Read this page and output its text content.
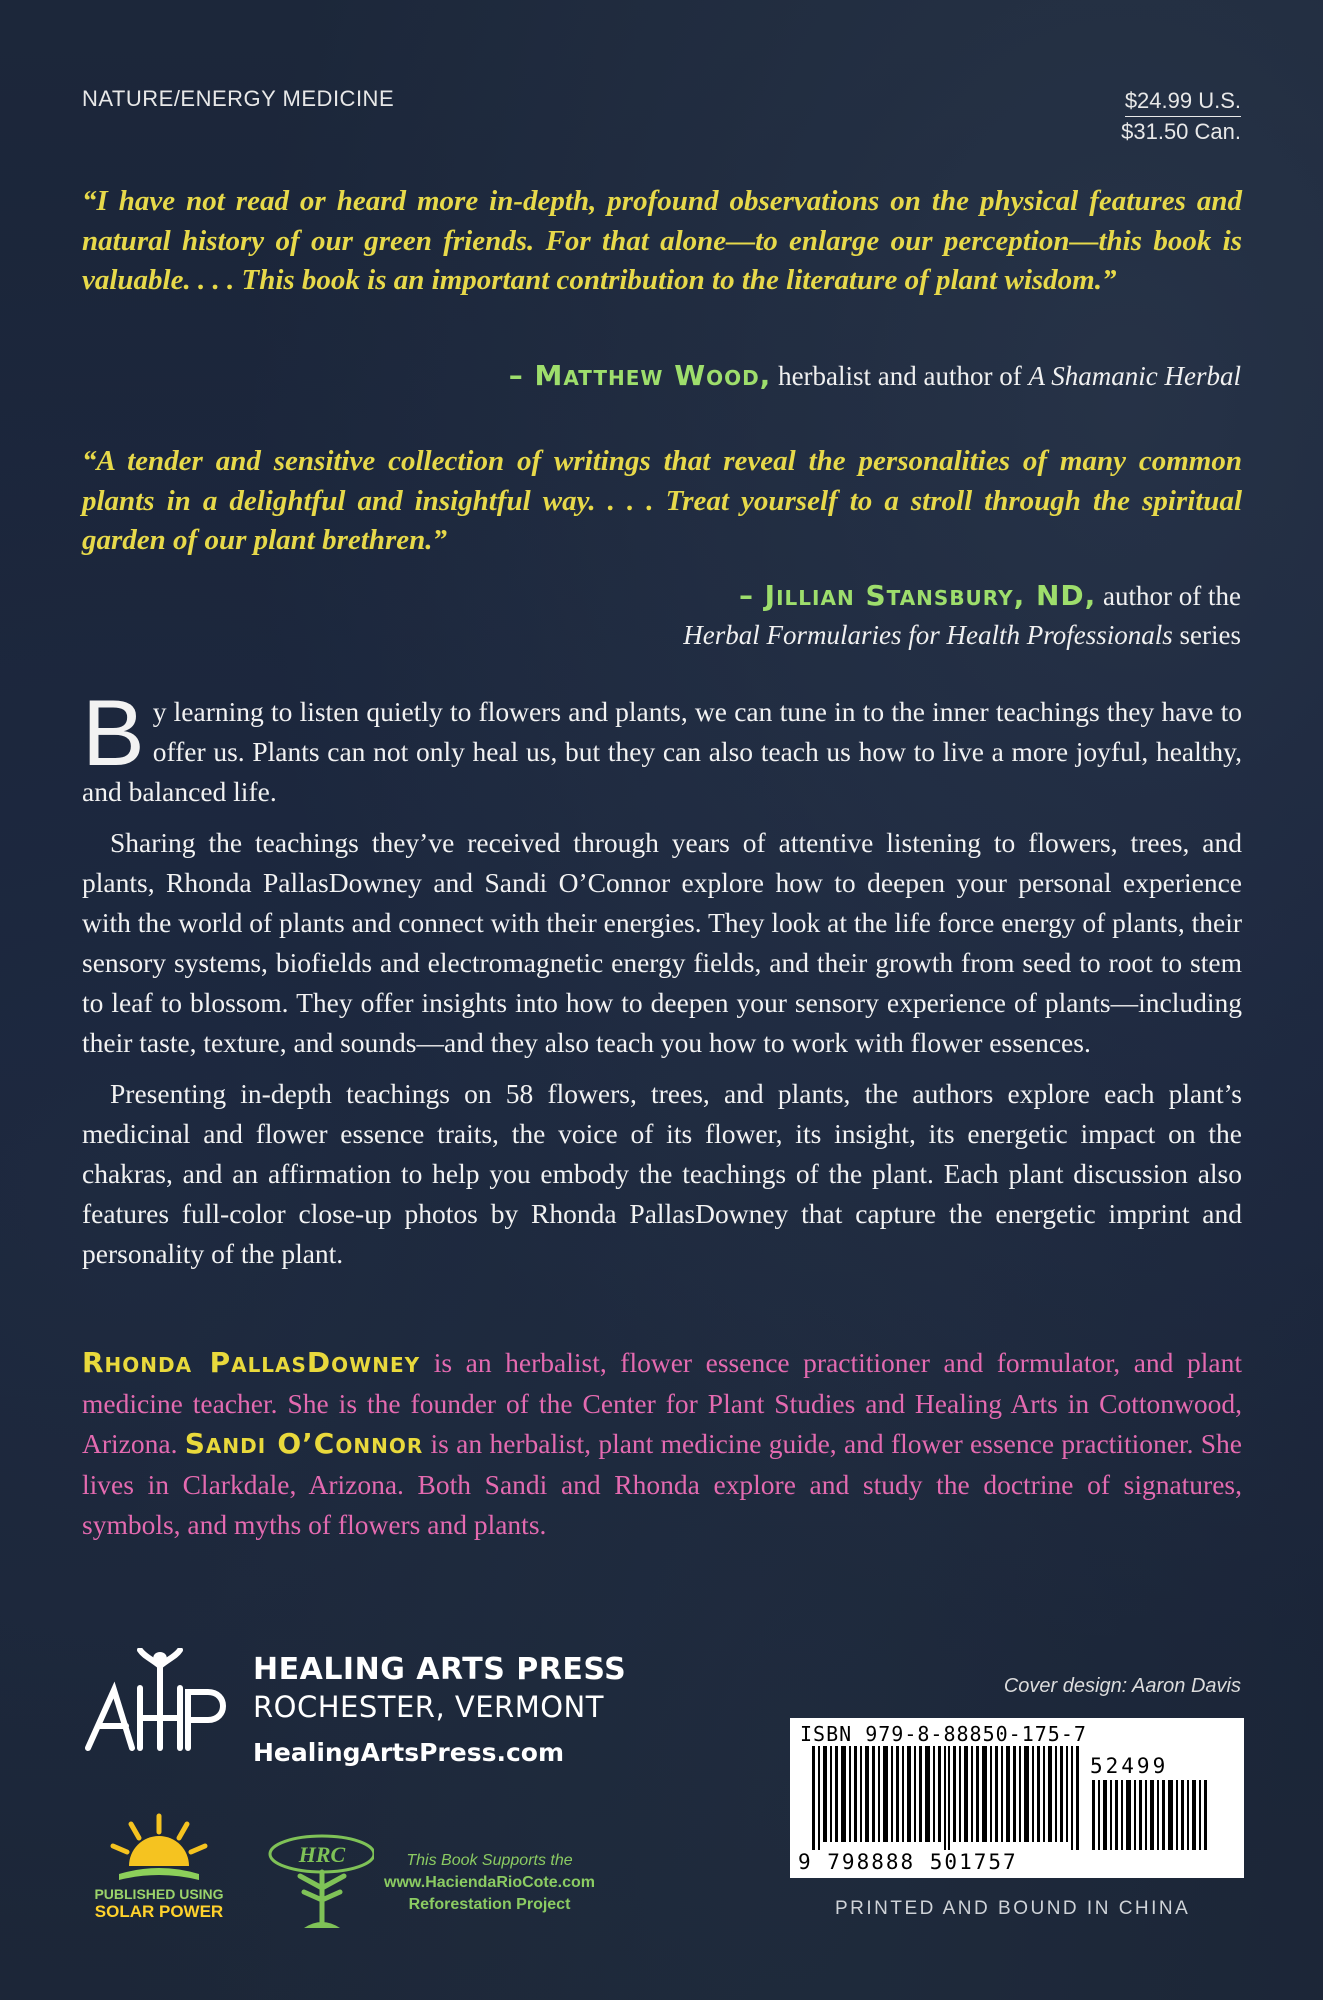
NATURE/ENERGY MEDICINE	$24.99 U.S.
$31.50 Can.
“I have not read or heard more in-depth, profound observations on the physical features and natural history of our green friends. For that alone—to enlarge our perception—this book is valuable. . . . This book is an important contribution to the literature of plant wisdom.”
– Matthew Wood, herbalist and author of A Shamanic Herbal
“A tender and sensitive collection of writings that reveal the personalities of many common plants in a delightful and insightful way. . . . Treat yourself to a stroll through the spiritual garden of our plant brethren.”
– Jillian Stansbury, ND, author of the
Herbal Formularies for Health Professionals series

By learning to listen quietly to flowers and plants, we can tune in to the inner teachings they have to offer us. Plants can not only heal us, but they can also teach us how to live a more joyful, healthy, and balanced life.

Sharing the teachings they’ve received through years of attentive listening to flowers, trees, and plants, Rhonda PallasDowney and Sandi O’Connor explore how to deepen your personal experience with the world of plants and connect with their energies. They look at the life force energy of plants, their sensory systems, biofields and electromagnetic energy fields, and their growth from seed to root to stem to leaf to blossom. They offer insights into how to deepen your sensory experience of plants—including their taste, texture, and sounds—and they also teach you how to work with flower essences.

Presenting in-depth teachings on 58 flowers, trees, and plants, the authors explore each plant’s medicinal and flower essence traits, the voice of its flower, its insight, its energetic impact on the chakras, and an affirmation to help you embody the teachings of the plant. Each plant discussion also features full-color close-up photos by Rhonda PallasDowney that capture the energetic imprint and personality of the plant.

Rhonda PallasDowney is an herbalist, flower essence practitioner and formulator, and plant medicine teacher. She is the founder of the Center for Plant Studies and Healing Arts in Cottonwood, Arizona. Sandi O’Connor is an herbalist, plant medicine guide, and flower essence practitioner. She lives in Clarkdale, Arizona. Both Sandi and Rhonda explore and study the doctrine of signatures, symbols, and myths of flowers and plants.
HEALING ARTS PRESS
ROCHESTER, VERMONT
HealingArtsPress.com
Cover design: Aaron Davis
ISBN 979-8-88850-175-7
52499
9 798888 501757
PRINTED AND BOUND IN CHINA
PUBLISHED USING
SOLAR POWER
HRC	This Book Supports the
www.HaciendaRioCote.com
Reforestation Project
